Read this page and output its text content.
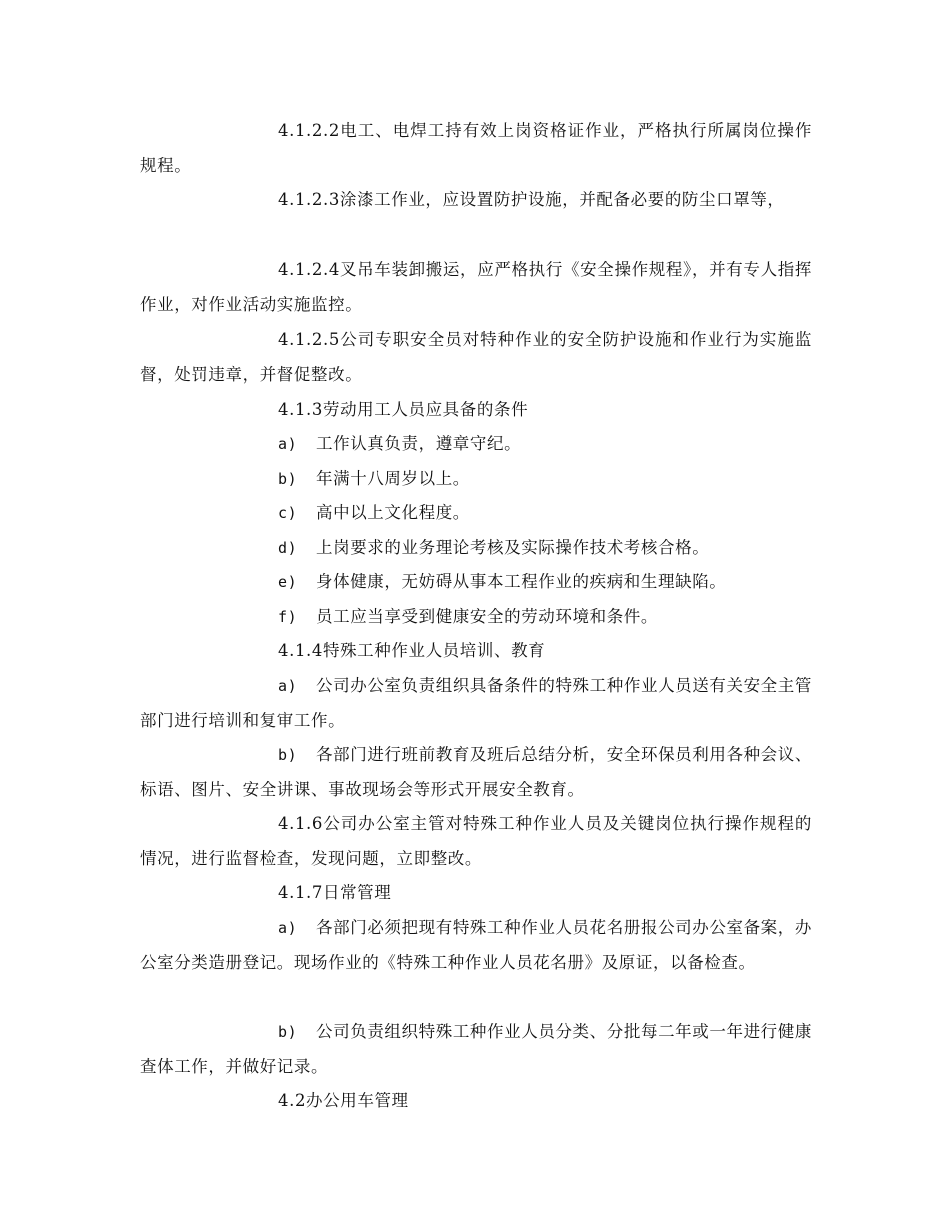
4.1.2.2电工、电焊工持有效上岗资格证作业，严格执行所属岗位操作规程。

4.1.2.3涂漆工作业，应设置防护设施，并配备必要的防尘口罩等，

4.1.2.4叉吊车装卸搬运，应严格执行《安全操作规程》，并有专人指挥作业，对作业活动实施监控。

4.1.2.5公司专职安全员对特种作业的安全防护设施和作业行为实施监督，处罚违章，并督促整改。

4.1.3劳动用工人员应具备的条件

a) 工作认真负责，遵章守纪。

b) 年满十八周岁以上。

c) 高中以上文化程度。

d) 上岗要求的业务理论考核及实际操作技术考核合格。

e) 身体健康，无妨碍从事本工程作业的疾病和生理缺陷。

f) 员工应当享受到健康安全的劳动环境和条件。

4.1.4特殊工种作业人员培训、教育

a) 公司办公室负责组织具备条件的特殊工种作业人员送有关安全主管部门进行培训和复审工作。

b) 各部门进行班前教育及班后总结分析，安全环保员利用各种会议、标语、图片、安全讲课、事故现场会等形式开展安全教育。

4.1.6公司办公室主管对特殊工种作业人员及关键岗位执行操作规程的情况，进行监督检查，发现问题，立即整改。

4.1.7日常管理

a) 各部门必须把现有特殊工种作业人员花名册报公司办公室备案，办公室分类造册登记。现场作业的《特殊工种作业人员花名册》及原证，以备检查。

b) 公司负责组织特殊工种作业人员分类、分批每二年或一年进行健康查体工作，并做好记录。

4.2办公用车管理
